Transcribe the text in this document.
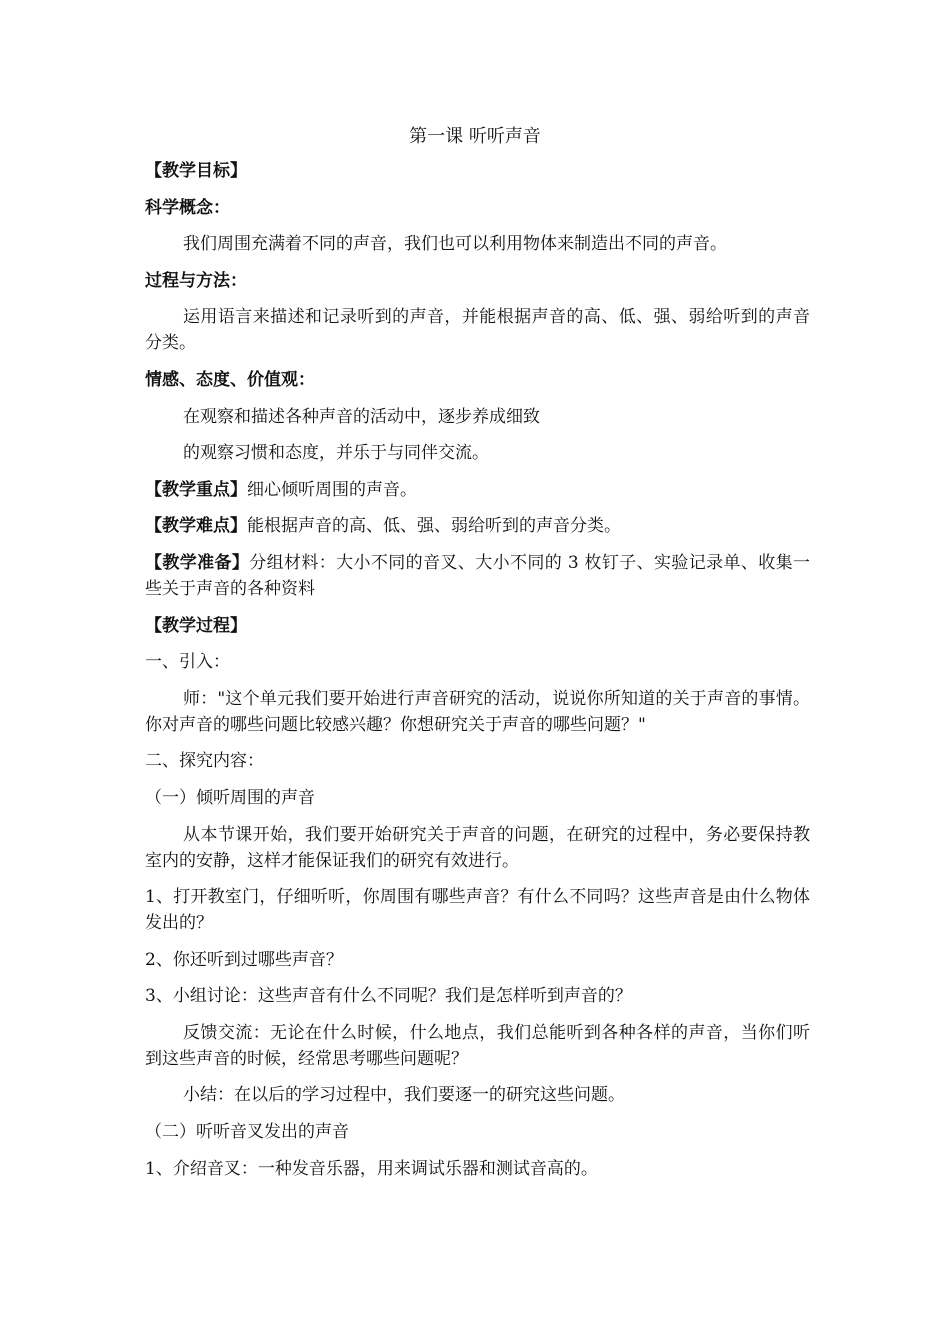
第一课 听听声音

【教学目标】

科学概念：

我们周围充满着不同的声音，我们也可以利用物体来制造出不同的声音。

过程与方法：

运用语言来描述和记录听到的声音，并能根据声音的高、低、强、弱给听到的声音分类。

情感、态度、价值观：

在观察和描述各种声音的活动中，逐步养成细致

的观察习惯和态度，并乐于与同伴交流。

【教学重点】细心倾听周围的声音。

【教学难点】能根据声音的高、低、强、弱给听到的声音分类。

【教学准备】分组材料：大小不同的音叉、大小不同的 3 枚钉子、实验记录单、收集一些关于声音的各种资料

【教学过程】

一、引入：

师："这个单元我们要开始进行声音研究的活动，说说你所知道的关于声音的事情。你对声音的哪些问题比较感兴趣？你想研究关于声音的哪些问题？"

二、探究内容：

（一）倾听周围的声音

从本节课开始，我们要开始研究关于声音的问题，在研究的过程中，务必要保持教室内的安静，这样才能保证我们的研究有效进行。

1、打开教室门，仔细听听，你周围有哪些声音？有什么不同吗？这些声音是由什么物体发出的？

2、你还听到过哪些声音？

3、小组讨论：这些声音有什么不同呢？我们是怎样听到声音的？

反馈交流：无论在什么时候，什么地点，我们总能听到各种各样的声音，当你们听到这些声音的时候，经常思考哪些问题呢？

小结：在以后的学习过程中，我们要逐一的研究这些问题。

（二）听听音叉发出的声音

1、介绍音叉：一种发音乐器，用来调试乐器和测试音高的。
